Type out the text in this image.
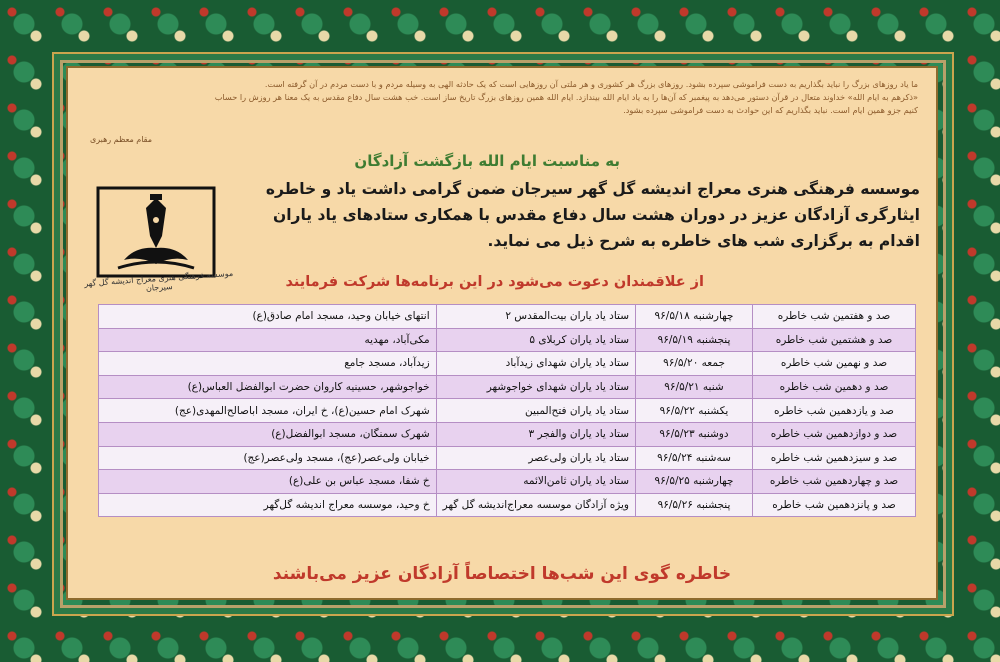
ما یاد روزهای بزرگ را نباید بگذاریم به دست فراموشی سپرده بشود. روزهای بزرگ هر کشوری و هر ملتی آن روزهایی است که یک حادثه الهی به وسیله مردم و با دست مردم در آن گرفته است.
«ذکرهم به ایام الله» خداوند متعال در قرآن دستور می‌دهد به پیغمبر که آن‌ها را به یاد ایام الله بیندازد. ایام الله همین روزهای بزرگ تاریخ ساز است. خب هشت سال دفاع مقدس به یک معنا هر روزش را حساب
کنیم جزو همین ایام است. نباید بگذاریم که این حوادث به دست فراموشی سپرده بشود.
مقام معظم رهبری
به مناسبت ایام الله بازگشت آزادگان
موسسه فرهنگی هنری معراج اندیشه گل گهر سیرجان ضمن گرامی داشت یاد و خاطره
ایثارگری آزادگان عزیز در دوران هشت سال دفاع مقدس با همکاری ستادهای یاد یاران
اقدام به برگزاری شب های خاطره به شرح ذیل می نماید.
موسسه فرهنگی هنری معراج اندیشه گل گهر سیرجان	از علاقمندان دعوت می‌شود در این برنامه‌ها شرکت فرمایند
صد و هفتمین شب خاطره	چهارشنبه ۹۶/۵/۱۸	ستاد یاد یاران بیت‌المقدس ۲	انتهای خیابان وحید، مسجد امام صادق(ع)
صد و هشتمین شب خاطره	پنجشنبه ۹۶/۵/۱۹	ستاد یاد یاران کربلای ۵	مکی‌آباد، مهدیه
صد و نهمین شب خاطره	جمعه ۹۶/۵/۲۰	ستاد یاد یاران شهدای زیدآباد	زیدآباد، مسجد جامع
صد و دهمین شب خاطره	شنبه ۹۶/۵/۲۱	ستاد یاد یاران شهدای خواجوشهر	خواجوشهر، حسینیه کاروان حضرت ابوالفضل العباس(ع)
صد و یازدهمین شب خاطره	یکشنبه ۹۶/۵/۲۲	ستاد یاد یاران فتح‌المبین	شهرک امام حسین(ع)، خ ایران، مسجد اباصالح‌المهدی(عج)
صد و دوازدهمین شب خاطره	دوشنبه ۹۶/۵/۲۳	ستاد یاد یاران والفجر ۳	شهرک سمنگان، مسجد ابوالفضل(ع)
صد و سیزدهمین شب خاطره	سه‌شنبه ۹۶/۵/۲۴	ستاد یاد یاران ولی‌عصر	خیابان ولی‌عصر(عج)، مسجد ولی‌عصر(عج)
صد و چهاردهمین شب خاطره	چهارشنبه ۹۶/۵/۲۵	ستاد یاد یاران ثامن‌الائمه	خ شفا، مسجد عباس بن علی(ع)
صد و پانزدهمین شب خاطره	پنجشنبه ۹۶/۵/۲۶	ویژه آزادگان موسسه معراج‌اندیشه گل گهر	خ وحید، موسسه معراج اندیشه گل‌گهر
خاطره گوی این شب‌ها اختصاصاً آزادگان عزیز می‌باشند
